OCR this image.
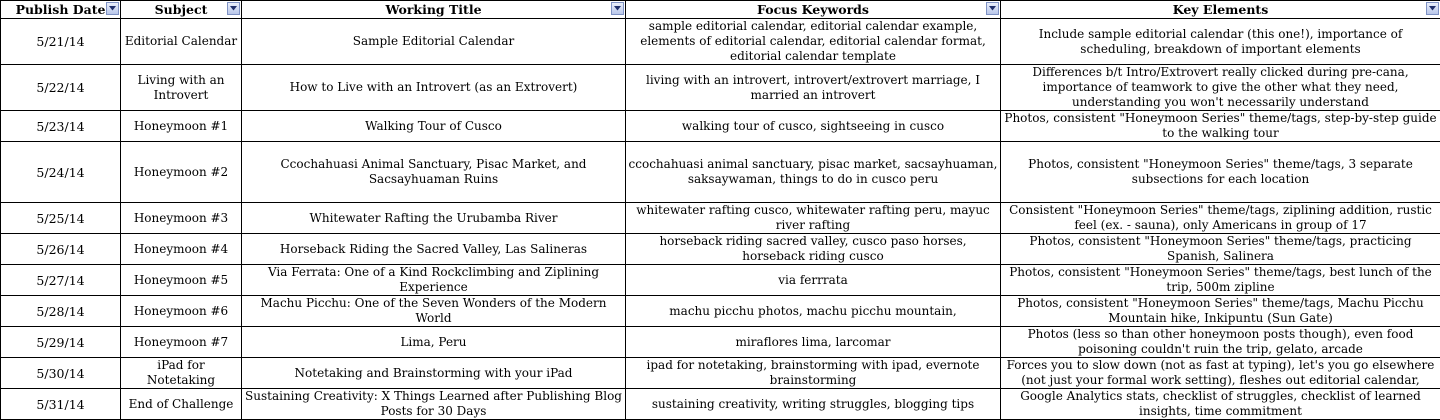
Publish Date	Subject	Working Title	Focus Keywords	Key Elements

5/21/14	Editorial Calendar	Sample Editorial Calendar	sample editorial calendar, editorial calendar example, elements of editorial calendar, editorial calendar format, editorial calendar template	Include sample editorial calendar (this one!), importance of scheduling, breakdown of important elements
5/22/14	Living with an Introvert	How to Live with an Introvert (as an Extrovert)	living with an introvert, introvert/extrovert marriage, I married an introvert	Differences b/t Intro/Extrovert really clicked during pre-cana, importance of teamwork to give the other what they need, understanding you won't necessarily understand

5/23/14	Honeymoon #1	Walking Tour of Cusco	walking tour of cusco, sightseeing in cusco	Photos, consistent "Honeymoon Series" theme/tags, step-by-step guide to the walking tour

5/24/14	Honeymoon #2	Ccochahuasi Animal Sanctuary, Pisac Market, and Sacsayhuaman Ruins	ccochahuasi animal sanctuary, pisac market, sacsayhuaman, saksaywaman, things to do in cusco peru	Photos, consistent "Honeymoon Series" theme/tags, 3 separate subsections for each location
5/25/14	Honeymoon #3	Whitewater Rafting the Urubamba River	whitewater rafting cusco, whitewater rafting peru, mayuc river rafting	Consistent "Honeymoon Series" theme/tags, ziplining addition, rustic feel (ex. - sauna), only Americans in group of 17

5/26/14	Honeymoon #4	Horseback Riding the Sacred Valley, Las Salineras	horseback riding sacred valley, cusco paso horses, horseback riding cusco	Photos, consistent "Honeymoon Series" theme/tags, practicing Spanish, Salinera
5/27/14	Honeymoon #5	Via Ferrata: One of a Kind Rockclimbing and Ziplining Experience	via ferrrata	Photos, consistent "Honeymoon Series" theme/tags, best lunch of the trip, 500m zipline

5/28/14	Honeymoon #6	Machu Picchu: One of the Seven Wonders of the Modern World	machu picchu photos, machu picchu mountain,	Photos, consistent "Honeymoon Series" theme/tags, Machu Picchu Mountain hike, Inkipuntu (Sun Gate)

5/29/14	Honeymoon #7	Lima, Peru	miraflores lima, larcomar	Photos (less so than other honeymoon posts though), even food poisoning couldn't ruin the trip, gelato, arcade

5/30/14	iPad for Notetaking	Notetaking and Brainstorming with your iPad	ipad for notetaking, brainstorming with ipad, evernote brainstorming	Forces you to slow down (not as fast at typing), let's you go elsewhere (not just your formal work setting), fleshes out editorial calendar,

5/31/14	End of Challenge	Sustaining Creativity: X Things Learned after Publishing Blog Posts for 30 Days	sustaining creativity, writing struggles, blogging tips	Google Analytics stats, checklist of struggles, checklist of learned insights, time commitment
